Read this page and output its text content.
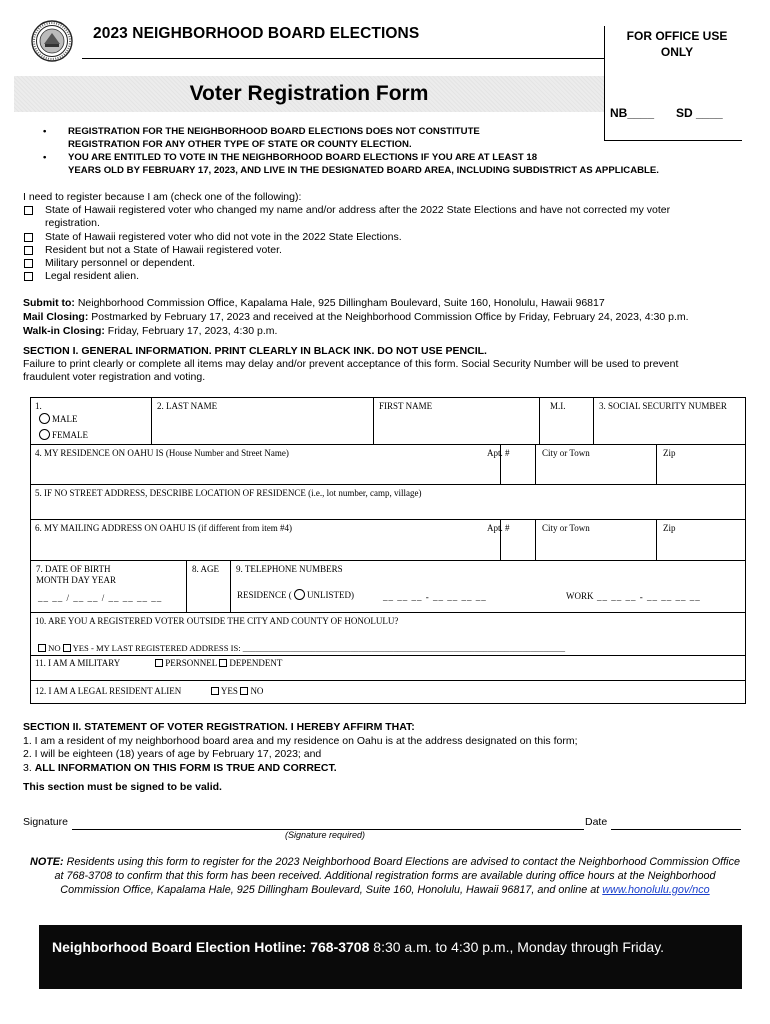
2023 NEIGHBORHOOD BOARD ELECTIONS	FOR OFFICE USE ONLY
NB____ SD ____
Voter Registration Form
• REGISTRATION FOR THE NEIGHBORHOOD BOARD ELECTIONS DOES NOT CONSTITUTE
REGISTRATION FOR ANY OTHER TYPE OF STATE OR COUNTY ELECTION.
• YOU ARE ENTITLED TO VOTE IN THE NEIGHBORHOOD BOARD ELECTIONS IF YOU ARE AT LEAST 18
YEARS OLD BY FEBRUARY 17, 2023, AND LIVE IN THE DESIGNATED BOARD AREA, INCLUDING SUBDISTRICT AS APPLICABLE.
I need to register because I am (check one of the following):
State of Hawaii registered voter who changed my name and/or address after the 2022 State Elections and have not corrected my voter
registration.
State of Hawaii registered voter who did not vote in the 2022 State Elections.
Resident but not a State of Hawaii registered voter.
Military personnel or dependent.
Legal resident alien.
Submit to: Neighborhood Commission Office, Kapalama Hale, 925 Dillingham Boulevard, Suite 160, Honolulu, Hawaii 96817
Mail Closing: Postmarked by February 17, 2023 and received at the Neighborhood Commission Office by Friday, February 24, 2023, 4:30 p.m.
Walk-in Closing: Friday, February 17, 2023, 4:30 p.m.
SECTION I. GENERAL INFORMATION. PRINT CLEARLY IN BLACK INK. DO NOT USE PENCIL.
Failure to print clearly or complete all items may delay and/or prevent acceptance of this form. Social Security Number will be used to prevent
fraudulent voter registration and voting.
1.
MALE
FEMALE
2. LAST NAME	FIRST NAME	M.I.	3. SOCIAL SECURITY NUMBER
4. MY RESIDENCE ON OAHU IS (House Number and Street Name)	Apt. #	City or Town	Zip
5. IF NO STREET ADDRESS, DESCRIBE LOCATION OF RESIDENCE (i.e., lot number, camp, village)
6. MY MAILING ADDRESS ON OAHU IS (if different from item #4)	Apt. #	City or Town	Zip
7. DATE OF BIRTH
MONTH DAY YEAR
__ __ / __ __ / __ __ __ __
8. AGE 9. TELEPHONE NUMBERS
RESIDENCE ( UNLISTED)	__ __ __ - __ __ __ __	WORK __ __ __ - __ __ __ __
10. ARE YOU A REGISTERED VOTER OUTSIDE THE CITY AND COUNTY OF HONOLULU?
NO YES - MY LAST REGISTERED ADDRESS IS: ___________________________________________________________________________
11. I AM A MILITARY	PERSONNEL DEPENDENT
12. I AM A LEGAL RESIDENT ALIEN	YES NO
SECTION II. STATEMENT OF VOTER REGISTRATION. I HEREBY AFFIRM THAT:
1. I am a resident of my neighborhood board area and my residence on Oahu is at the address designated on this form;
2. I will be eighteen (18) years of age by February 17, 2023; and
3. ALL INFORMATION ON THIS FORM IS TRUE AND CORRECT.
This section must be signed to be valid.
Signature	Date
(Signature required)
NOTE: Residents using this form to register for the 2023 Neighborhood Board Elections are advised to contact the Neighborhood Commission Office at 768-3708 to confirm that this form has been received. Additional registration forms are available during office hours at the Neighborhood Commission Office, Kapalama Hale, 925 Dillingham Boulevard, Suite 160, Honolulu, Hawaii 96817, and online at www.honolulu.gov/nco
Neighborhood Board Election Hotline: 768-3708 8:30 a.m. to 4:30 p.m., Monday through Friday.
